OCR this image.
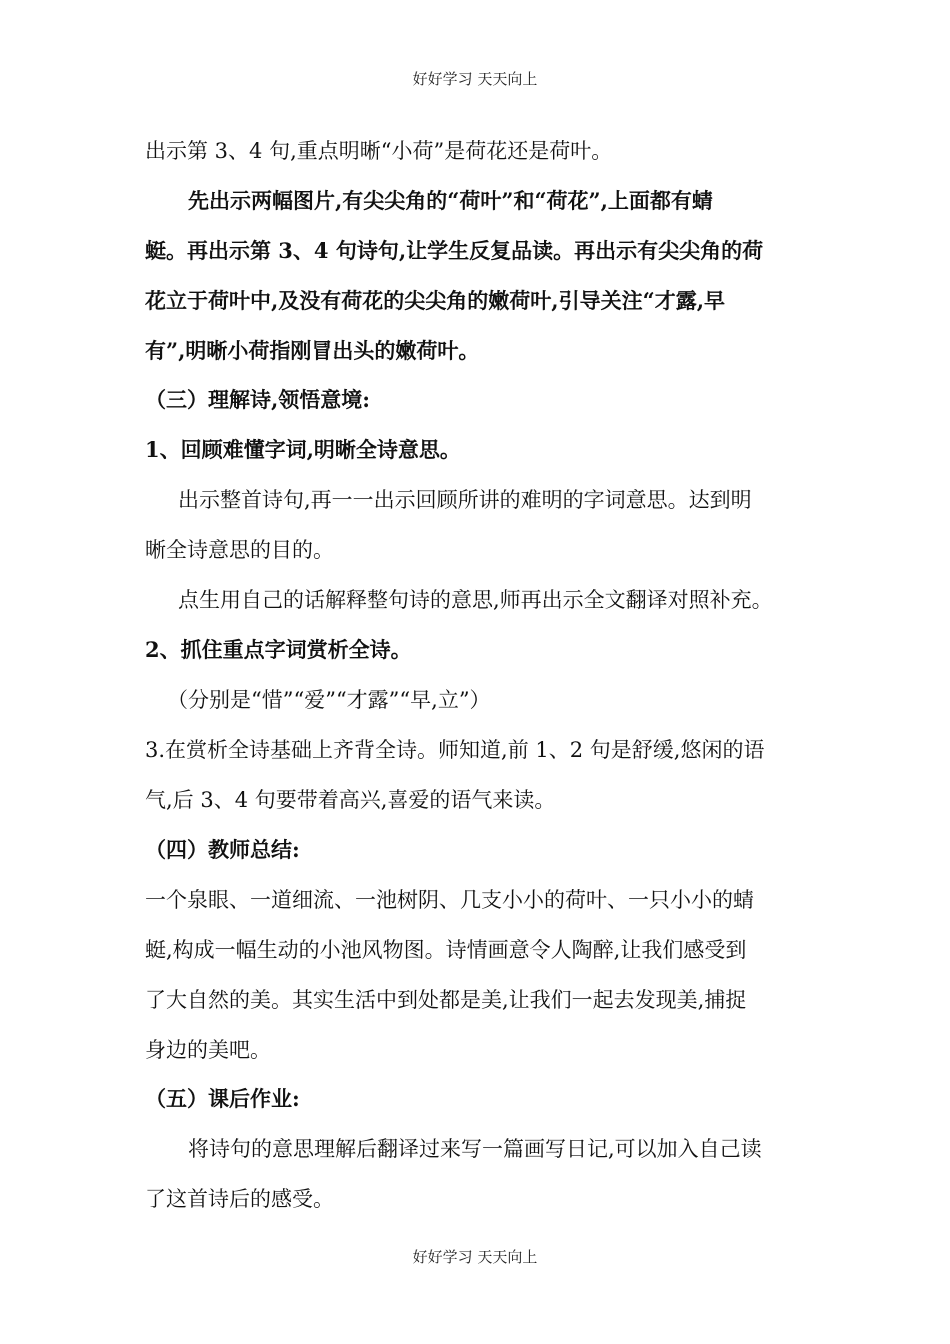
好好学习 天天向上
出示第 3、4 句,重点明晰“小荷”是荷花还是荷叶。
先出示两幅图片,有尖尖角的“荷叶”和“荷花”,上面都有蜻
蜓。再出示第 3、4 句诗句,让学生反复品读。再出示有尖尖角的荷
花立于荷叶中,及没有荷花的尖尖角的嫩荷叶,引导关注“才露,早
有”,明晰小荷指刚冒出头的嫩荷叶。
（三）理解诗,领悟意境:
1、回顾难懂字词,明晰全诗意思。
出示整首诗句,再一一出示回顾所讲的难明的字词意思。达到明
晰全诗意思的目的。
点生用自己的话解释整句诗的意思,师再出示全文翻译对照补充。
2、抓住重点字词赏析全诗。
（分别是“惜”“爱”“才露”“早,立”）
3.在赏析全诗基础上齐背全诗。师知道,前 1、2 句是舒缓,悠闲的语
气,后 3、4 句要带着高兴,喜爱的语气来读。
（四）教师总结:
一个泉眼、一道细流、一池树阴、几支小小的荷叶、一只小小的蜻
蜓,构成一幅生动的小池风物图。诗情画意令人陶醉,让我们感受到
了大自然的美。其实生活中到处都是美,让我们一起去发现美,捕捉
身边的美吧。
（五）课后作业:
将诗句的意思理解后翻译过来写一篇画写日记,可以加入自己读
了这首诗后的感受。
好好学习 天天向上
